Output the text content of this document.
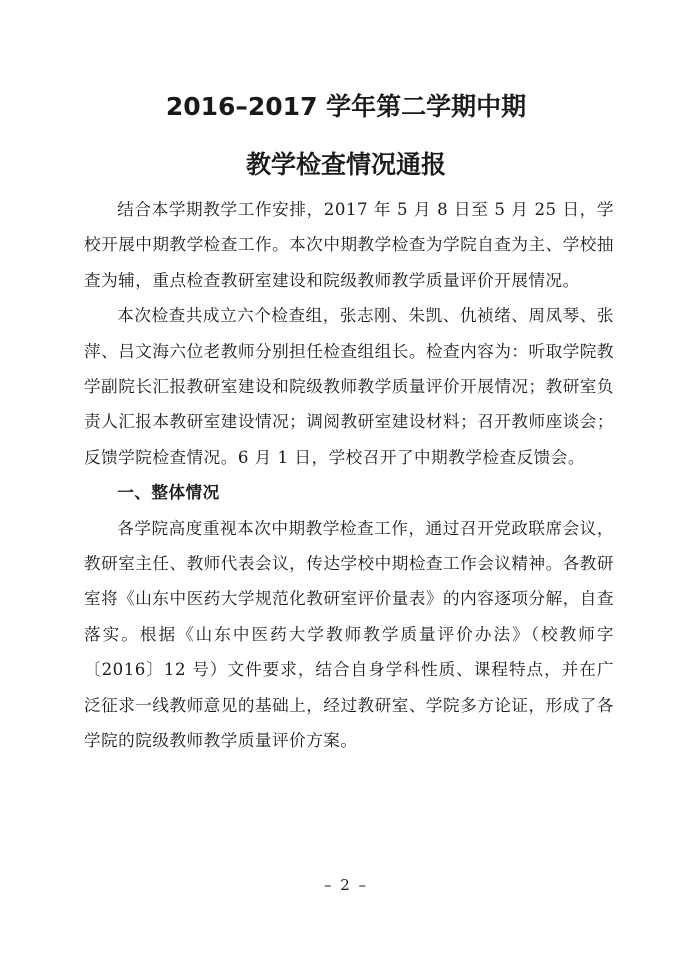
2016–2017 学年第二学期中期
教学检查情况通报

结合本学期教学工作安排，2017 年 5 月 8 日至 5 月 25 日，学校开展中期教学检查工作。本次中期教学检查为学院自查为主、学校抽查为辅，重点检查教研室建设和院级教师教学质量评价开展情况。

本次检查共成立六个检查组，张志刚、朱凯、仇祯绪、周凤琴、张萍、吕文海六位老教师分别担任检查组组长。检查内容为：听取学院教学副院长汇报教研室建设和院级教师教学质量评价开展情况；教研室负责人汇报本教研室建设情况；调阅教研室建设材料；召开教师座谈会；反馈学院检查情况。6 月 1 日，学校召开了中期教学检查反馈会。

一、整体情况

各学院高度重视本次中期教学检查工作，通过召开党政联席会议，教研室主任、教师代表会议，传达学校中期检查工作会议精神。各教研室将《山东中医药大学规范化教研室评价量表》的内容逐项分解，自查落实。根据《山东中医药大学教师教学质量评价办法》（校教师字〔2016〕12 号）文件要求，结合自身学科性质、课程特点，并在广泛征求一线教师意见的基础上，经过教研室、学院多方论证，形成了各学院的院级教师教学质量评价方案。

– 2 –
